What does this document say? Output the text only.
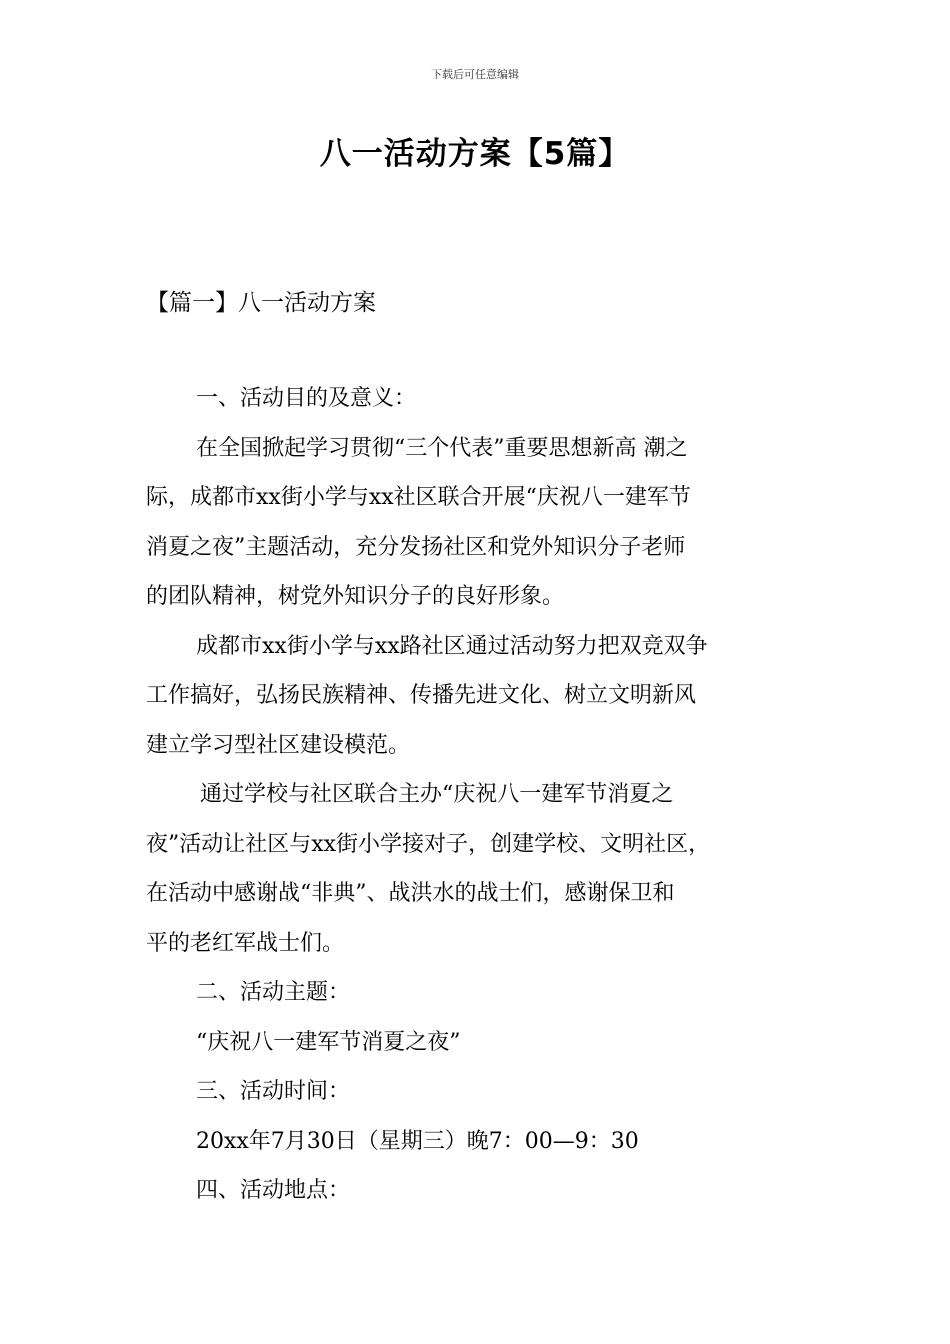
下载后可任意编辑
八一活动方案【5篇】
【篇一】八一活动方案
一、活动目的及意义：
在全国掀起学习贯彻“三个代表”重要思想新高 潮之
际，成都市xx街小学与xx社区联合开展“庆祝八一建军节
消夏之夜”主题活动，充分发扬社区和党外知识分子老师
的团队精神，树党外知识分子的良好形象。
成都市xx街小学与xx路社区通过活动努力把双竞双争
工作搞好，弘扬民族精神、传播先进文化、树立文明新风
建立学习型社区建设模范。
通过学校与社区联合主办“庆祝八一建军节消夏之
夜”活动让社区与xx街小学接对子，创建学校、文明社区，
在活动中感谢战“非典”、战洪水的战士们，感谢保卫和
平的老红军战士们。
二、活动主题：
“庆祝八一建军节消夏之夜”
三、活动时间：
20xx年7月30日（星期三）晚7：00—9：30
四、活动地点：
